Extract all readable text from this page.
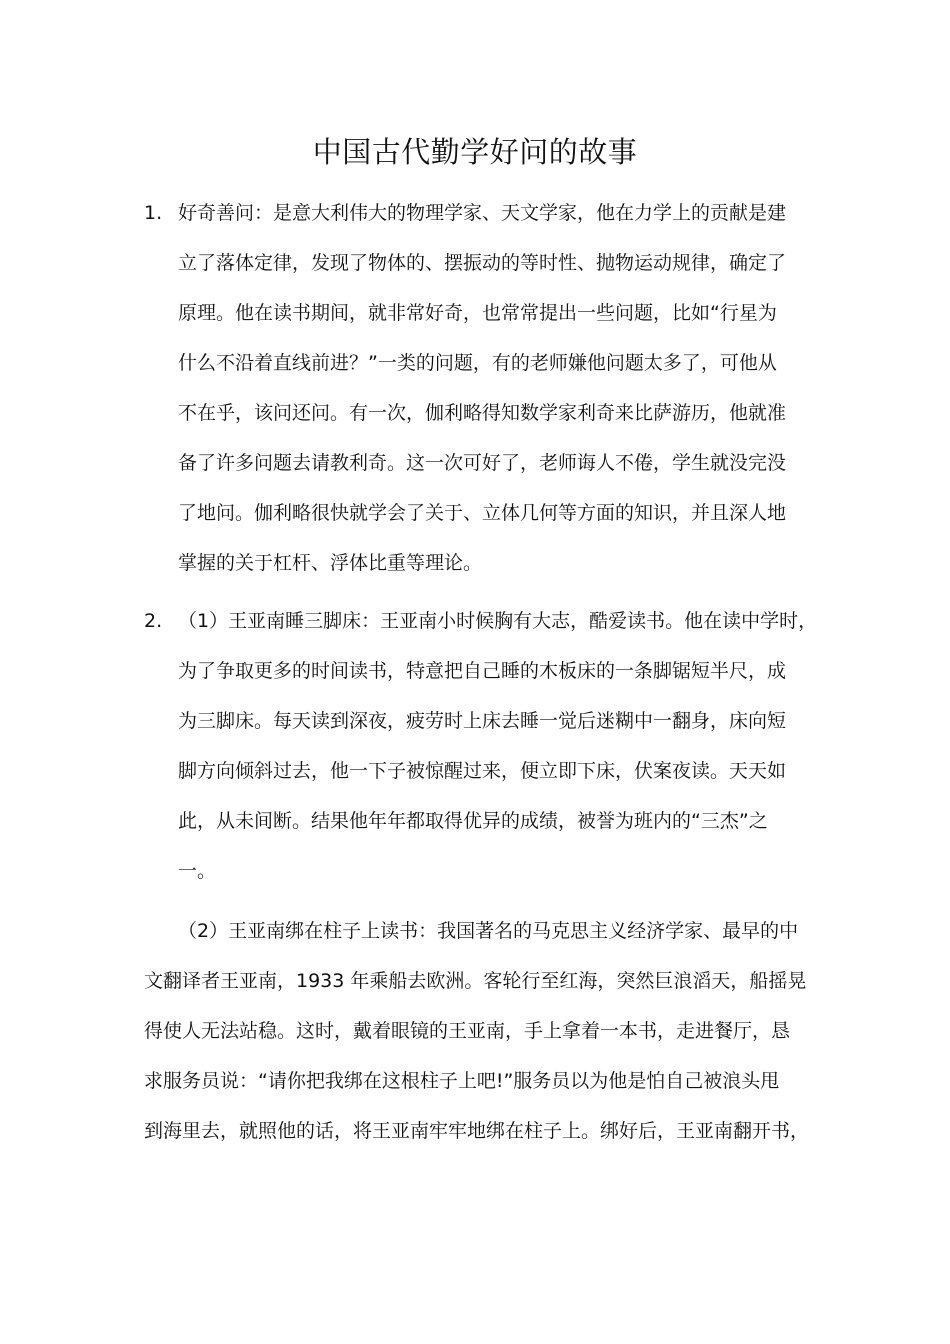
中国古代勤学好问的故事
1. 好奇善问：是意大利伟大的物理学家、天文学家，他在力学上的贡献是建
立了落体定律，发现了物体的、摆振动的等时性、抛物运动规律，确定了
原理。他在读书期间，就非常好奇，也常常提出一些问题，比如“行星为
什么不沿着直线前进？”一类的问题，有的老师嫌他问题太多了，可他从
不在乎，该问还问。有一次，伽利略得知数学家利奇来比萨游历，他就准
备了许多问题去请教利奇。这一次可好了，老师诲人不倦，学生就没完没
了地问。伽利略很快就学会了关于、立体几何等方面的知识，并且深人地
掌握的关于杠杆、浮体比重等理论。
2. （1）王亚南睡三脚床：王亚南小时候胸有大志，酷爱读书。他在读中学时，
为了争取更多的时间读书，特意把自己睡的木板床的一条脚锯短半尺，成
为三脚床。每天读到深夜，疲劳时上床去睡一觉后迷糊中一翻身，床向短
脚方向倾斜过去，他一下子被惊醒过来，便立即下床，伏案夜读。天天如
此，从未间断。结果他年年都取得优异的成绩，被誉为班内的“三杰”之
一。
（2）王亚南绑在柱子上读书：我国著名的马克思主义经济学家、最早的中
文翻译者王亚南，1933 年乘船去欧洲。客轮行至红海，突然巨浪滔天，船摇晃
得使人无法站稳。这时，戴着眼镜的王亚南，手上拿着一本书，走进餐厅，恳
求服务员说：“请你把我绑在这根柱子上吧!”服务员以为他是怕自己被浪头甩
到海里去，就照他的话，将王亚南牢牢地绑在柱子上。绑好后，王亚南翻开书，
